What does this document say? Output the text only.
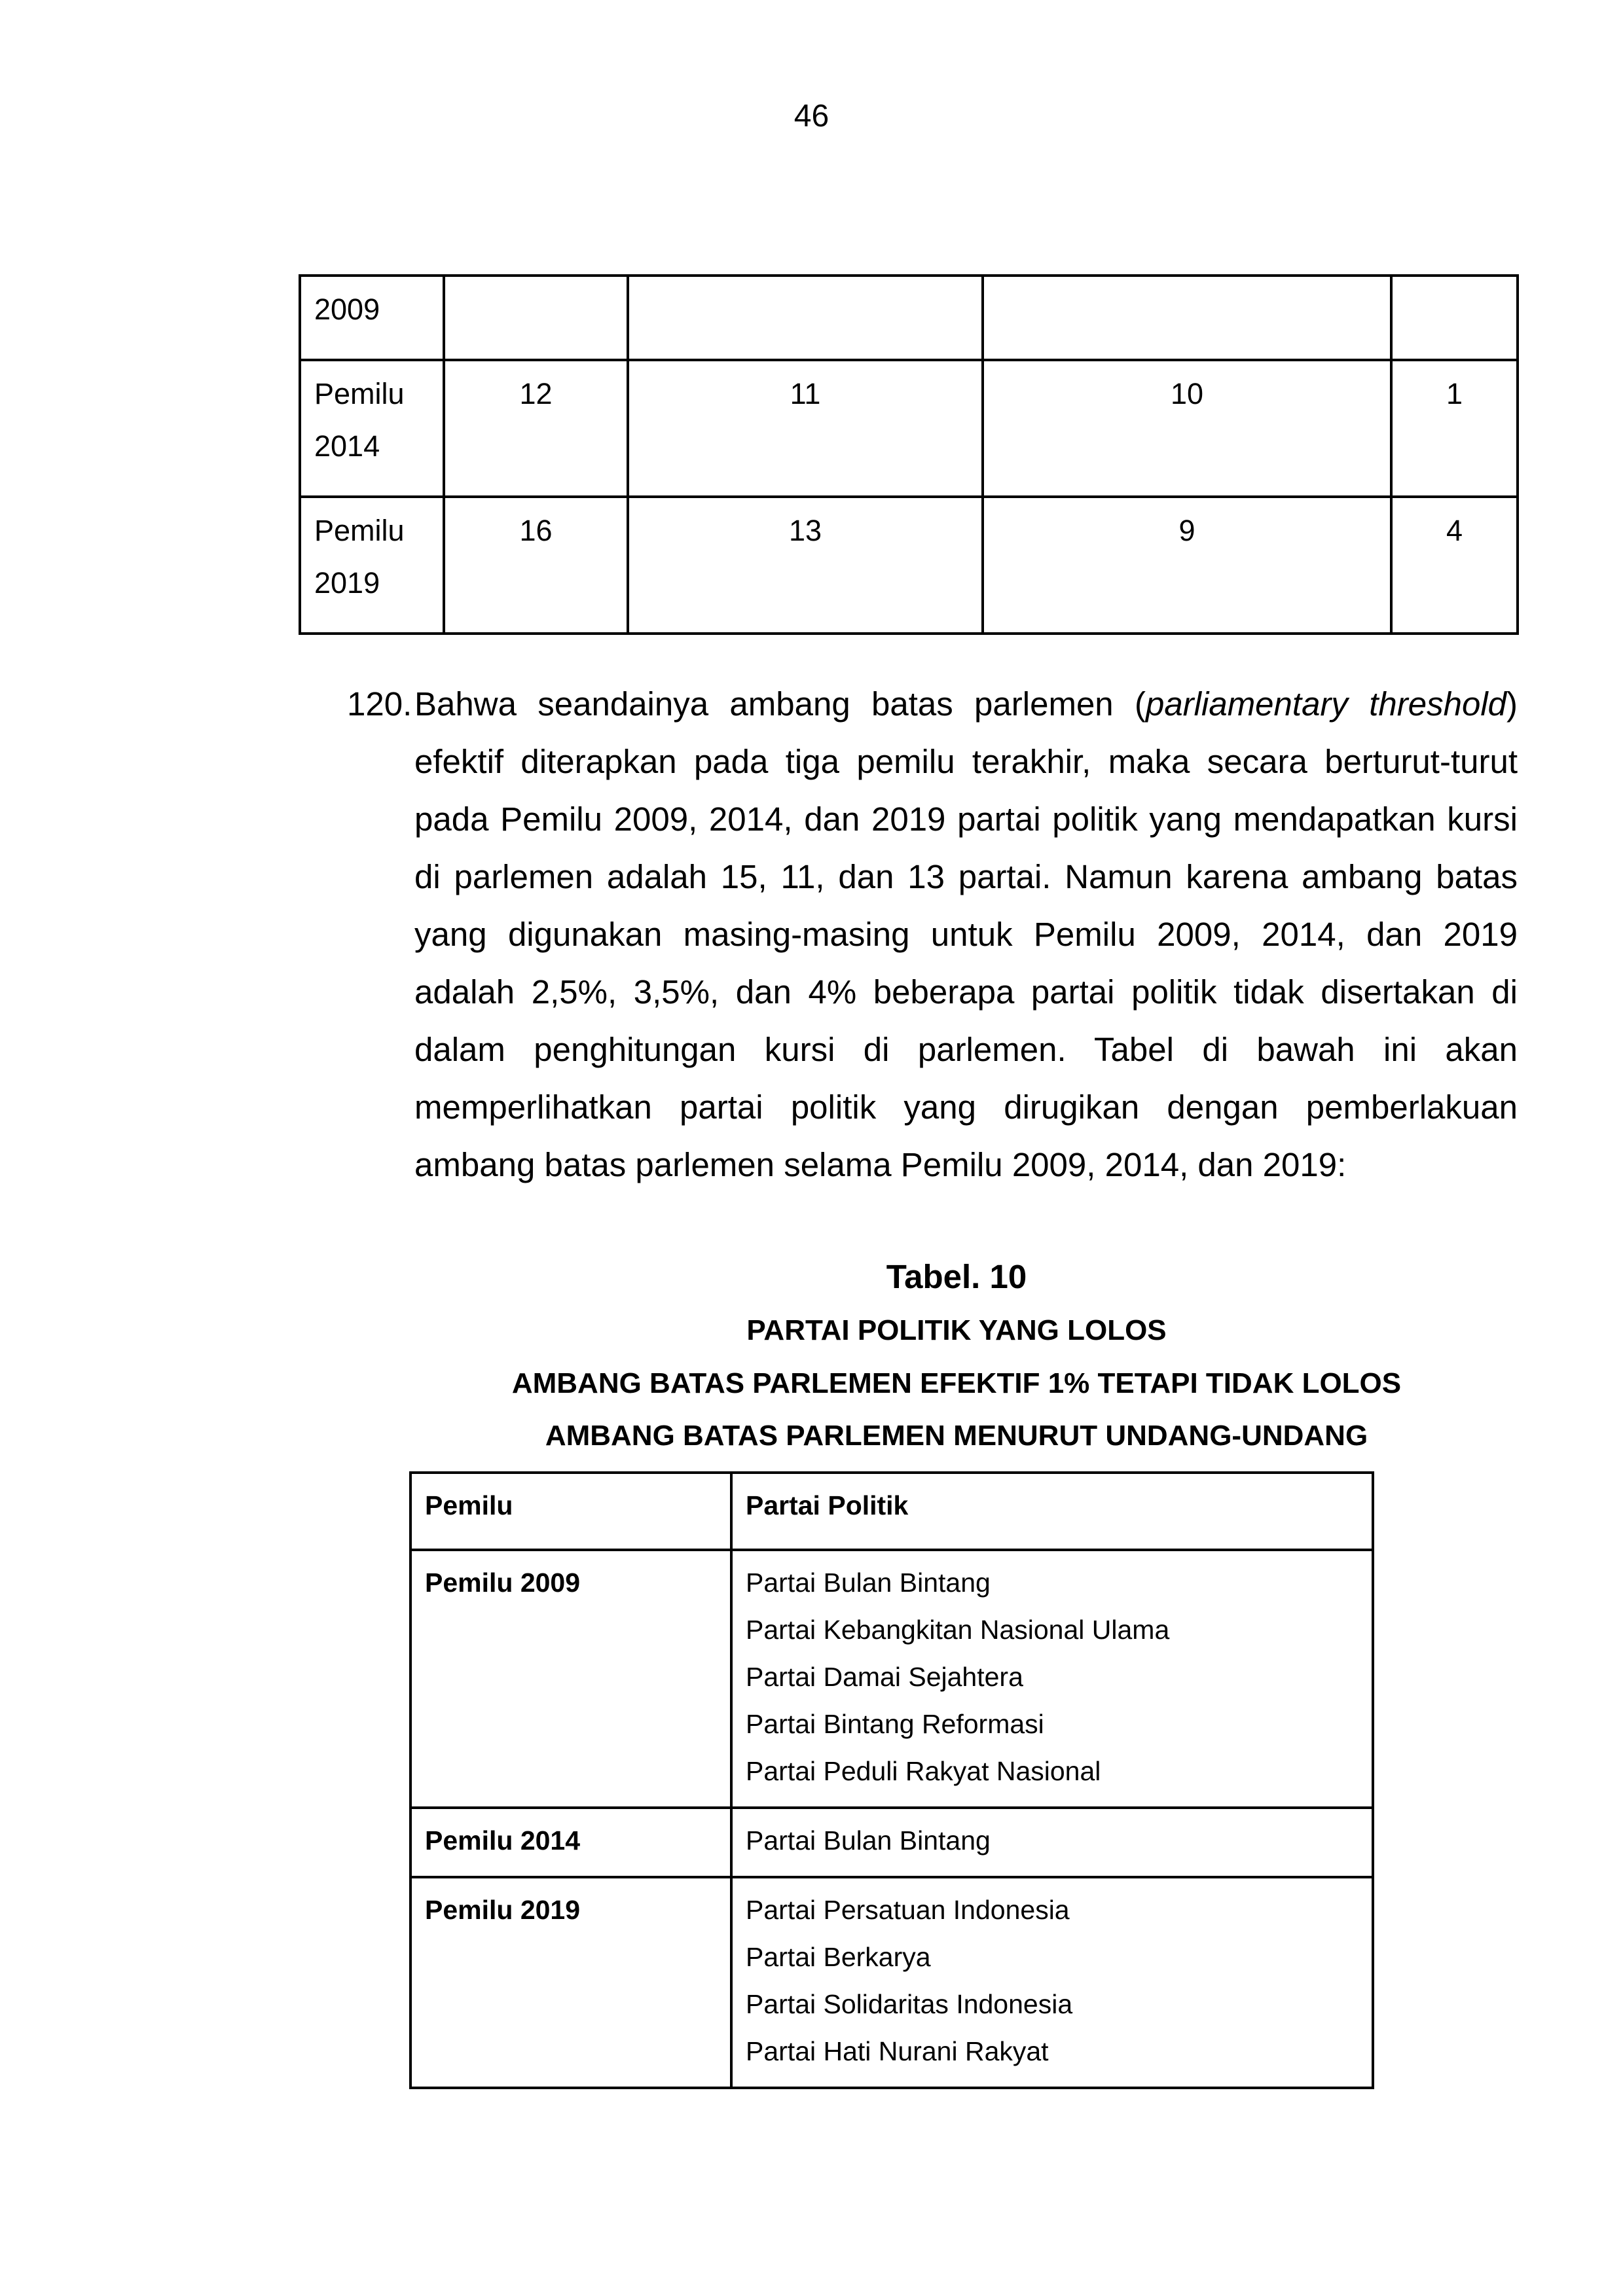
46
2009				
Pemilu 2014	12	11	10	1
Pemilu 2019	16	13	9	4
120. Bahwa seandainya ambang batas parlemen (parliamentary threshold) efektif diterapkan pada tiga pemilu terakhir, maka secara berturut-turut pada Pemilu 2009, 2014, dan 2019 partai politik yang mendapatkan kursi di parlemen adalah 15, 11, dan 13 partai. Namun karena ambang batas yang digunakan masing-masing untuk Pemilu 2009, 2014, dan 2019 adalah 2,5%, 3,5%, dan 4% beberapa partai politik tidak disertakan di dalam penghitungan kursi di parlemen. Tabel di bawah ini akan memperlihatkan partai politik yang dirugikan dengan pemberlakuan ambang batas parlemen selama Pemilu 2009, 2014, dan 2019:
Tabel. 10
PARTAI POLITIK YANG LOLOS
AMBANG BATAS PARLEMEN EFEKTIF 1% TETAPI TIDAK LOLOS
AMBANG BATAS PARLEMEN MENURUT UNDANG-UNDANG
Pemilu	Partai Politik
Pemilu 2009	Partai Bulan Bintang
Partai Kebangkitan Nasional Ulama
Partai Damai Sejahtera
Partai Bintang Reformasi
Partai Peduli Rakyat Nasional

Pemilu 2014	Partai Bulan Bintang

Pemilu 2019	Partai Persatuan Indonesia
Partai Berkarya
Partai Solidaritas Indonesia
Partai Hati Nurani Rakyat
